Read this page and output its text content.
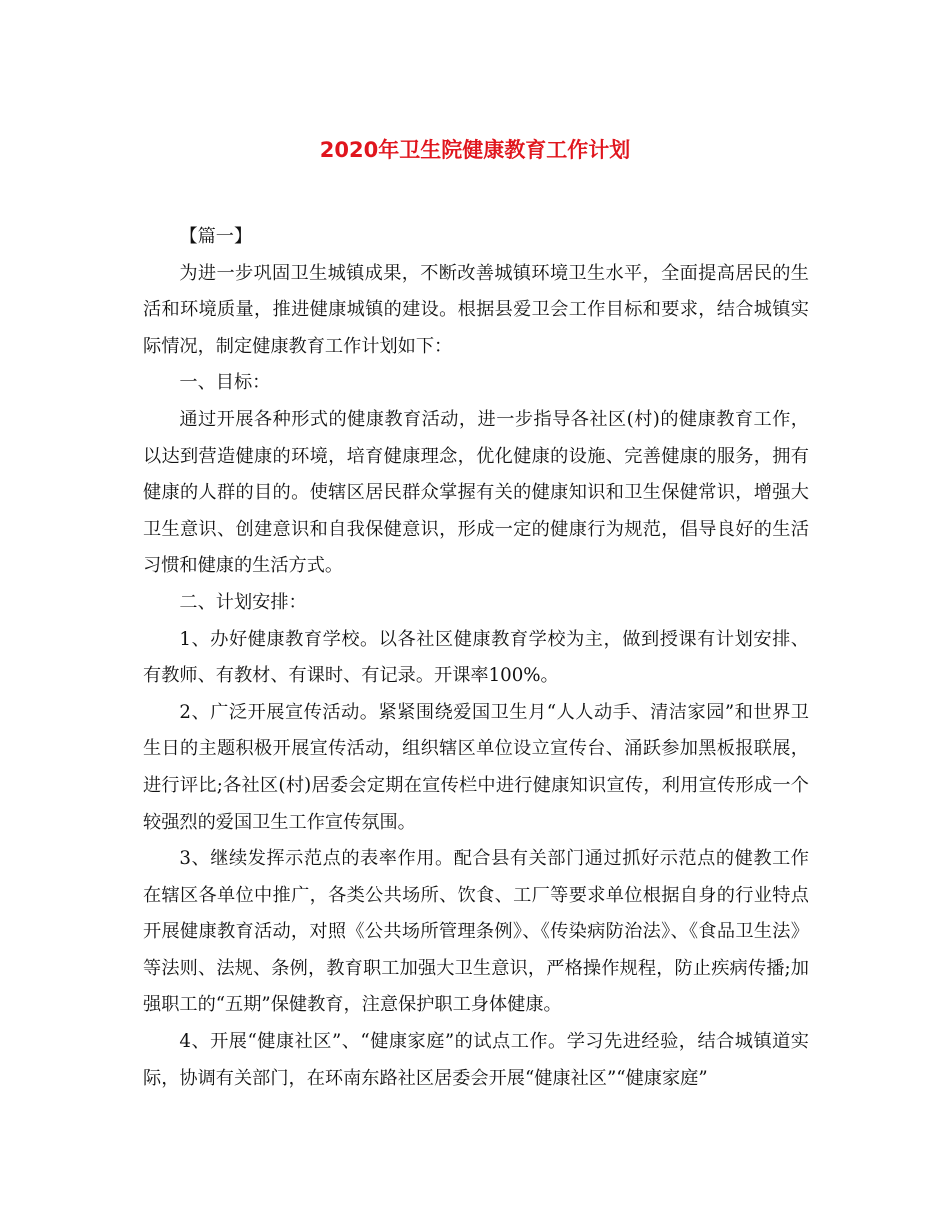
2020年卫生院健康教育工作计划

【篇一】

为进一步巩固卫生城镇成果，不断改善城镇环境卫生水平，全面提高居民的生活和环境质量，推进健康城镇的建设。根据县爱卫会工作目标和要求，结合城镇实际情况，制定健康教育工作计划如下：

一、目标：

通过开展各种形式的健康教育活动，进一步指导各社区(村)的健康教育工作，以达到营造健康的环境，培育健康理念，优化健康的设施、完善健康的服务，拥有健康的人群的目的。使辖区居民群众掌握有关的健康知识和卫生保健常识，增强大卫生意识、创建意识和自我保健意识，形成一定的健康行为规范，倡导良好的生活习惯和健康的生活方式。

二、计划安排：

1、办好健康教育学校。以各社区健康教育学校为主，做到授课有计划安排、有教师、有教材、有课时、有记录。开课率100%。

2、广泛开展宣传活动。紧紧围绕爱国卫生月“人人动手、清洁家园”和世界卫生日的主题积极开展宣传活动，组织辖区单位设立宣传台、涌跃参加黑板报联展，进行评比;各社区(村)居委会定期在宣传栏中进行健康知识宣传，利用宣传形成一个较强烈的爱国卫生工作宣传氛围。

3、继续发挥示范点的表率作用。配合县有关部门通过抓好示范点的健教工作在辖区各单位中推广，各类公共场所、饮食、工厂等要求单位根据自身的行业特点开展健康教育活动，对照《公共场所管理条例》、《传染病防治法》、《食品卫生法》等法则、法规、条例，教育职工加强大卫生意识，严格操作规程，防止疾病传播;加强职工的“五期”保健教育，注意保护职工身体健康。

4、开展“健康社区”、“健康家庭”的试点工作。学习先进经验，结合城镇道实际，协调有关部门，在环南东路社区居委会开展“健康社区”“健康家庭”
